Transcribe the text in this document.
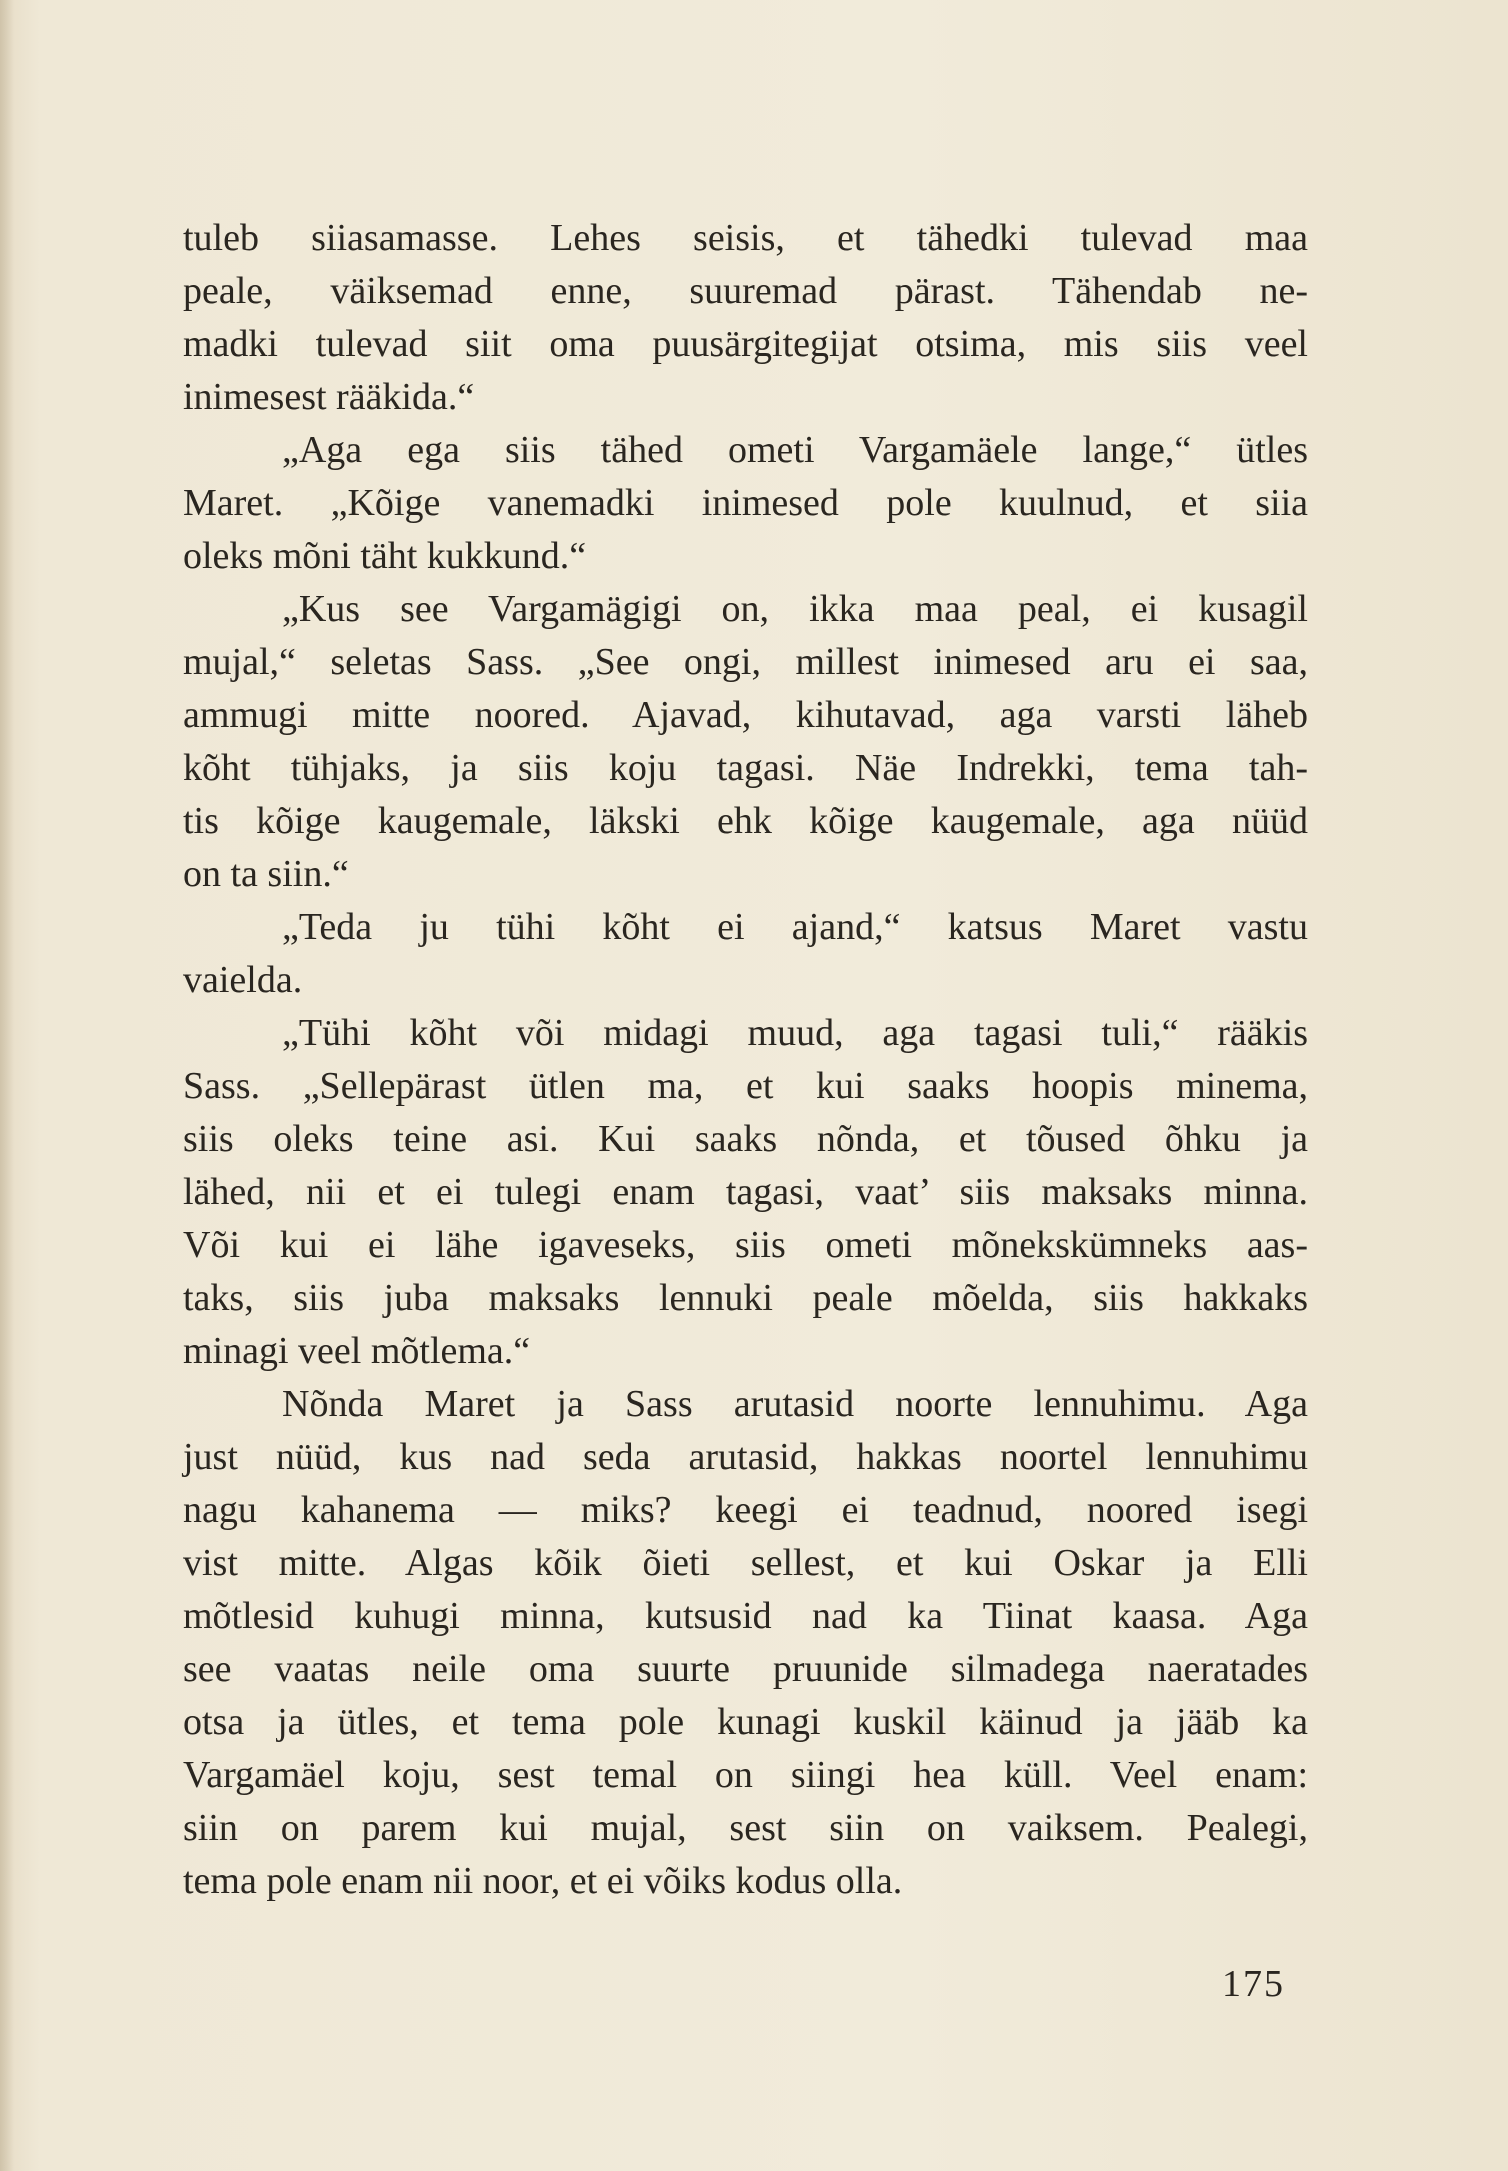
tuleb siiasamasse. Lehes seisis, et tähedki tulevad maa
peale, väiksemad enne, suuremad pärast. Tähendab ne-
madki tulevad siit oma puusärgitegijat otsima, mis siis veel
inimesest rääkida.“
„Aga ega siis tähed ometi Vargamäele lange,“ ütles
Maret. „Kõige vanemadki inimesed pole kuulnud, et siia
oleks mõni täht kukkund.“
„Kus see Vargamägigi on, ikka maa peal, ei kusagil
mujal,“ seletas Sass. „See ongi, millest inimesed aru ei saa,
ammugi mitte noored. Ajavad, kihutavad, aga varsti läheb
kõht tühjaks, ja siis koju tagasi. Näe Indrekki, tema tah-
tis kõige kaugemale, läkski ehk kõige kaugemale, aga nüüd
on ta siin.“
„Teda ju tühi kõht ei ajand,“ katsus Maret vastu
vaielda.
„Tühi kõht või midagi muud, aga tagasi tuli,“ rääkis
Sass. „Sellepärast ütlen ma, et kui saaks hoopis minema,
siis oleks teine asi. Kui saaks nõnda, et tõused õhku ja
lähed, nii et ei tulegi enam tagasi, vaat’ siis maksaks minna.
Või kui ei lähe igaveseks, siis ometi mõnekskümneks aas-
taks, siis juba maksaks lennuki peale mõelda, siis hakkaks
minagi veel mõtlema.“
Nõnda Maret ja Sass arutasid noorte lennuhimu. Aga
just nüüd, kus nad seda arutasid, hakkas noortel lennuhimu
nagu kahanema — miks? keegi ei teadnud, noored isegi
vist mitte. Algas kõik õieti sellest, et kui Oskar ja Elli
mõtlesid kuhugi minna, kutsusid nad ka Tiinat kaasa. Aga
see vaatas neile oma suurte pruunide silmadega naeratades
otsa ja ütles, et tema pole kunagi kuskil käinud ja jääb ka
Vargamäel koju, sest temal on siingi hea küll. Veel enam:
siin on parem kui mujal, sest siin on vaiksem. Pealegi,
tema pole enam nii noor, et ei võiks kodus olla.
175
